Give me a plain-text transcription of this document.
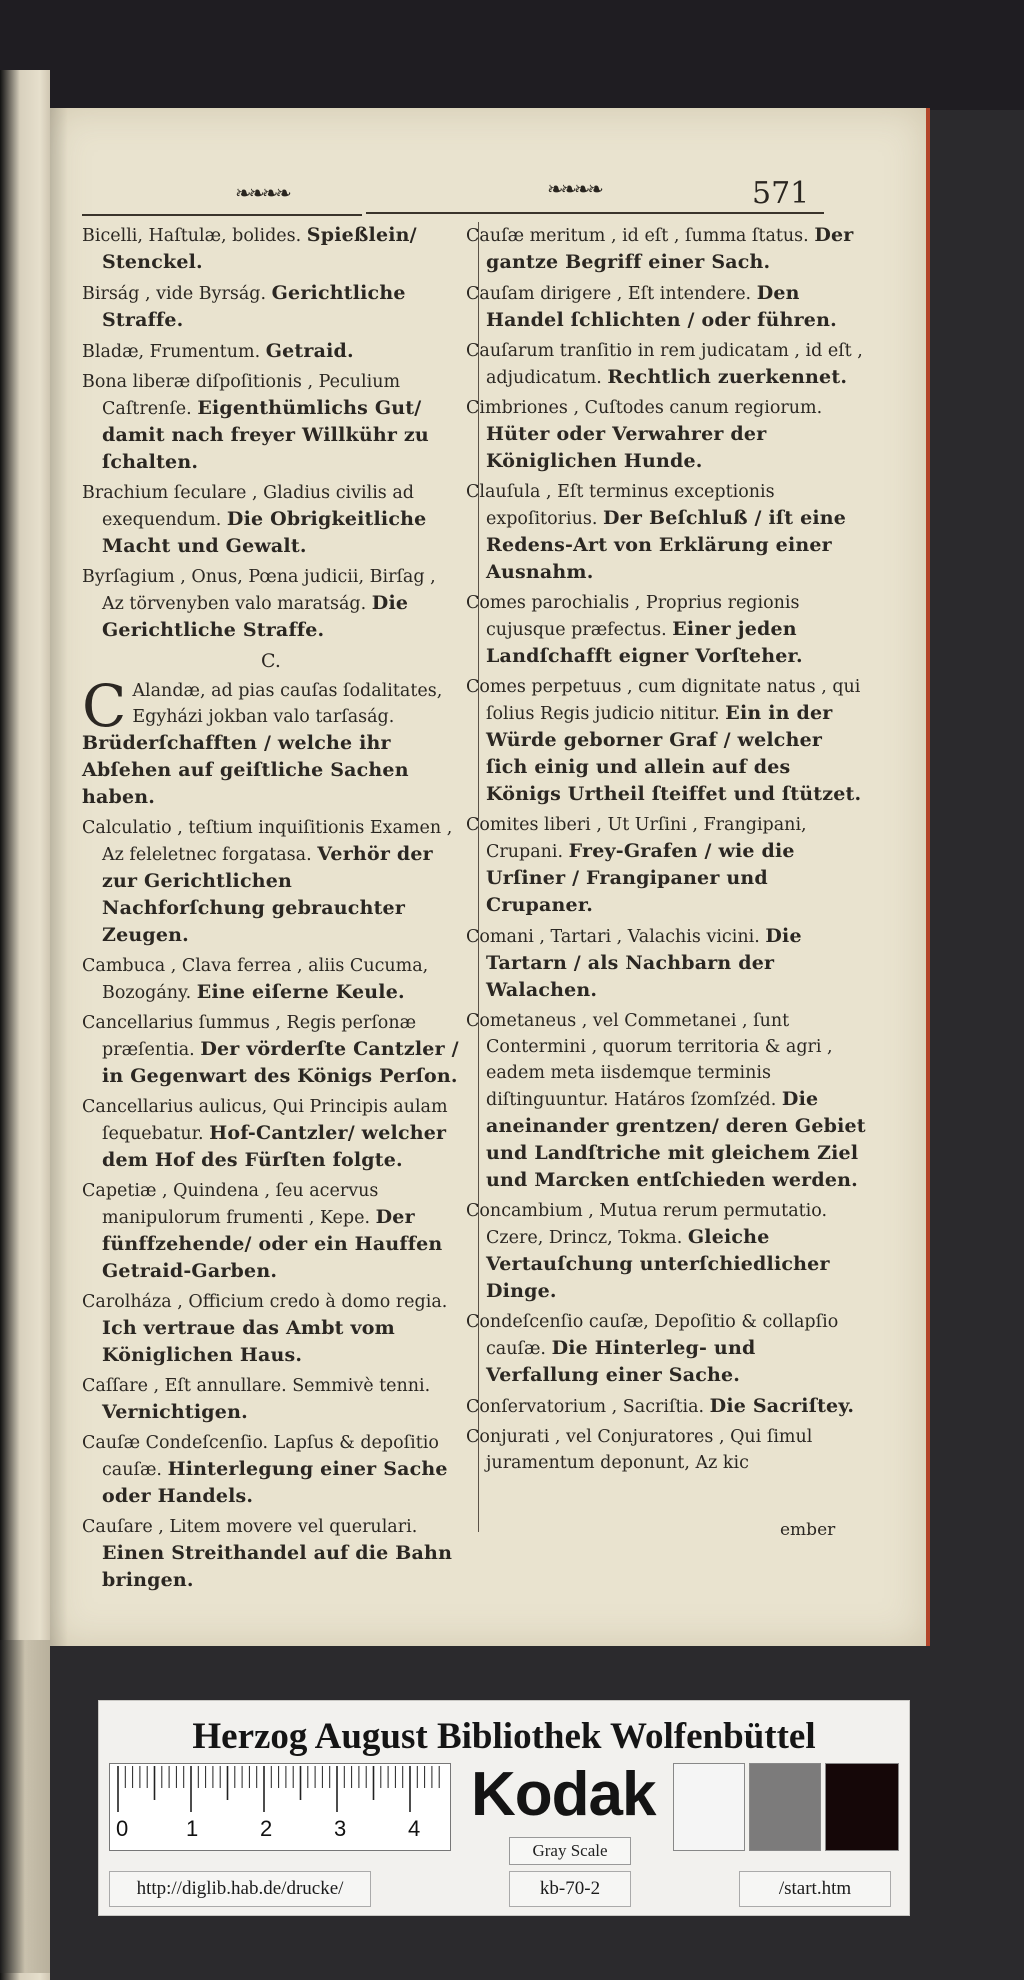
❧❧❧❧	❧❧❧❧	571

Bicelli, Haſtulæ, bolides. Spießlein/ Stenckel.

Birság , vide Byrság. Gerichtliche Straffe.

Bladæ, Frumentum. Getraid.

Bona liberæ diſpoſitionis , Peculium Caſtrenſe. Eigenthümlichs Gut/ damit nach freyer Willkühr zu ſchalten.

Brachium ſeculare , Gladius civilis ad exequendum. Die Obrigkeitliche Macht und Gewalt.

Byrſagium , Onus, Pœna judicii, Birſag , Az törvenyben valo maratság. Die Gerichtliche Straffe.

C.

C Alandæ, ad pias cauſas ſodalitates, Egyházi jokban valo tarſaság. Brüderſchafften / welche ihr Abſehen auf geiſtliche Sachen haben.

Calculatio , teſtium inquiſitionis Examen , Az feleletnec forgatasa. Verhör der zur Gerichtlichen Nachforſchung gebrauchter Zeugen.

Cambuca , Clava ferrea , aliis Cucuma, Bozogány. Eine eiſerne Keule.

Cancellarius ſummus , Regis perſonæ præſentia. Der vörderſte Cantzler / in Gegenwart des Königs Perſon.

Cancellarius aulicus, Qui Principis aulam ſequebatur. Hof-Cantzler/ welcher dem Hof des Fürſten folgte.

Capetiæ , Quindena , ſeu acervus manipulorum frumenti , Kepe. Der fünffzehende/ oder ein Hauffen Getraid-Garben.

Carolháza , Officium credo à domo regia. Ich vertraue das Ambt vom Königlichen Haus.

Caſſare , Eſt annullare. Semmivè tenni. Vernichtigen.

Cauſæ Condeſcenſio. Lapſus & depoſitio cauſæ. Hinterlegung einer Sache oder Handels.

Cauſare , Litem movere vel querulari. Einen Streithandel auf die Bahn bringen.

Cauſæ meritum , id eſt , ſumma ſtatus. Der gantze Begriff einer Sach.

Cauſam dirigere , Eſt intendere. Den Handel ſchlichten / oder führen.

Cauſarum tranſitio in rem judicatam , id eſt , adjudicatum. Rechtlich zuerkennet.

Cimbriones , Cuſtodes canum regiorum. Hüter oder Verwahrer der Königlichen Hunde.

Clauſula , Eſt terminus exceptionis expoſitorius. Der Beſchluß / iſt eine Redens-Art von Erklärung einer Ausnahm.

Comes parochialis , Proprius regionis cujusque præfectus. Einer jeden Landſchafft eigner Vorſteher.

Comes perpetuus , cum dignitate natus , qui ſolius Regis judicio nititur. Ein in der Würde geborner Graf / welcher ſich einig und allein auf des Königs Urtheil ſteiffet und ſtützet.

Comites liberi , Ut Urſini , Frangipani, Crupani. Frey-Grafen / wie die Urſiner / Frangipaner und Crupaner.

Comani , Tartari , Valachis vicini. Die Tartarn / als Nachbarn der Walachen.

Cometaneus , vel Commetanei , ſunt Contermini , quorum territoria & agri , eadem meta iisdemque terminis diſtinguuntur. Határos ſzomſzéd. Die aneinander grentzen/ deren Gebiet und Landſtriche mit gleichem Ziel und Marcken entſchieden werden.

Concambium , Mutua rerum permutatio. Czere, Drincz, Tokma. Gleiche Vertauſchung unterſchiedlicher Dinge.

Condeſcenſio cauſæ, Depoſitio & collapſio cauſæ. Die Hinterleg- und Verfallung einer Sache.

Conſervatorium , Sacriſtia. Die Sacriſtey.

Conjurati , vel Conjuratores , Qui ſimul juramentum deponunt, Az kic

ember
Herzog August Bibliothek Wolfenbüttel
0	1	2	3	4 Kodak
Gray Scale
http://diglib.hab.de/drucke/	kb-70-2	/start.htm
